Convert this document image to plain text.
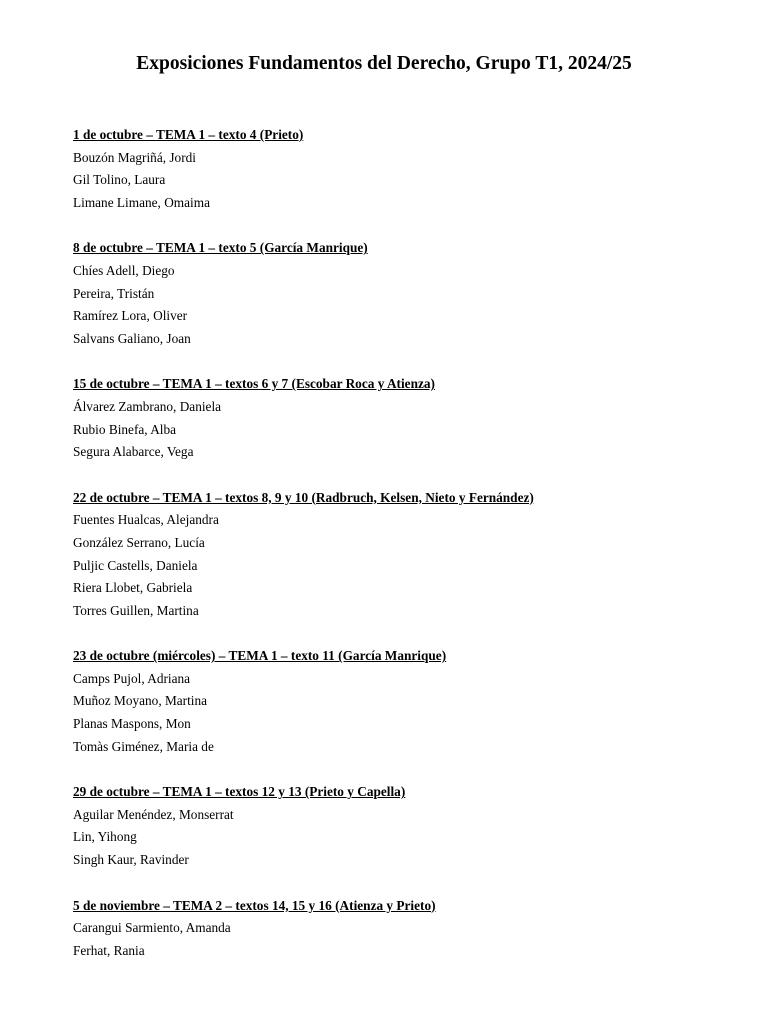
Exposiciones Fundamentos del Derecho, Grupo T1, 2024/25

1 de octubre – TEMA 1 – texto 4 (Prieto)

Bouzón Magriñá, Jordi

Gil Tolino, Laura

Limane Limane, Omaima

8 de octubre – TEMA 1 – texto 5 (García Manrique)

Chíes Adell, Diego

Pereira, Tristán

Ramírez Lora, Oliver

Salvans Galiano, Joan

15 de octubre – TEMA 1 – textos 6 y 7 (Escobar Roca y Atienza)

Álvarez Zambrano, Daniela

Rubio Binefa, Alba

Segura Alabarce, Vega

22 de octubre – TEMA 1 – textos 8, 9 y 10 (Radbruch, Kelsen, Nieto y Fernández)

Fuentes Hualcas, Alejandra

González Serrano, Lucía

Puljic Castells, Daniela

Riera Llobet, Gabriela

Torres Guillen, Martina

23 de octubre (miércoles) – TEMA 1 – texto 11 (García Manrique)

Camps Pujol, Adriana

Muñoz Moyano, Martina

Planas Maspons, Mon

Tomàs Giménez, Maria de

29 de octubre – TEMA 1 – textos 12 y 13 (Prieto y Capella)

Aguilar Menéndez, Monserrat

Lin, Yihong

Singh Kaur, Ravinder

5 de noviembre – TEMA 2 – textos 14, 15 y 16 (Atienza y Prieto)

Carangui Sarmiento, Amanda

Ferhat, Rania
